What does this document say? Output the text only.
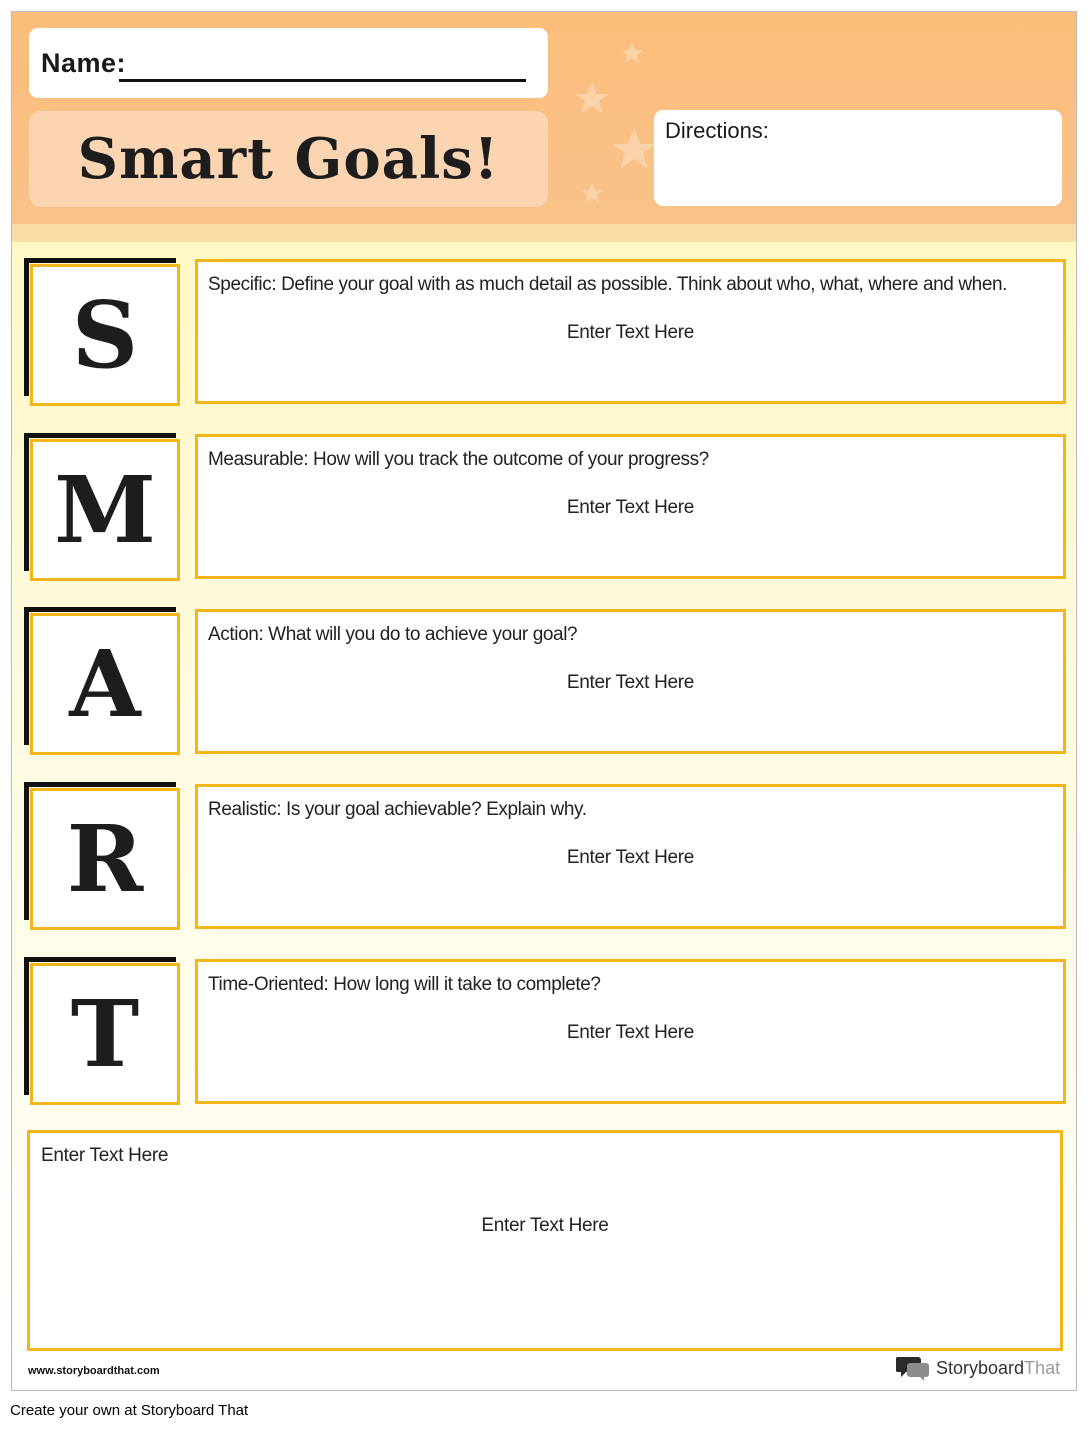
Name:
Smart Goals!	Directions:
S	Specific: Define your goal with as much detail as possible. Think about who, what, where and when.
Enter Text Here
M	Measurable: How will you track the outcome of your progress?
Enter Text Here
A	Action: What will you do to achieve your goal?
Enter Text Here
R	Realistic: Is your goal achievable? Explain why.
Enter Text Here
T	Time-Oriented: How long will it take to complete?
Enter Text Here
Enter Text Here
Enter Text Here
www.storyboardthat.com	StoryboardThat
Create your own at Storyboard That
